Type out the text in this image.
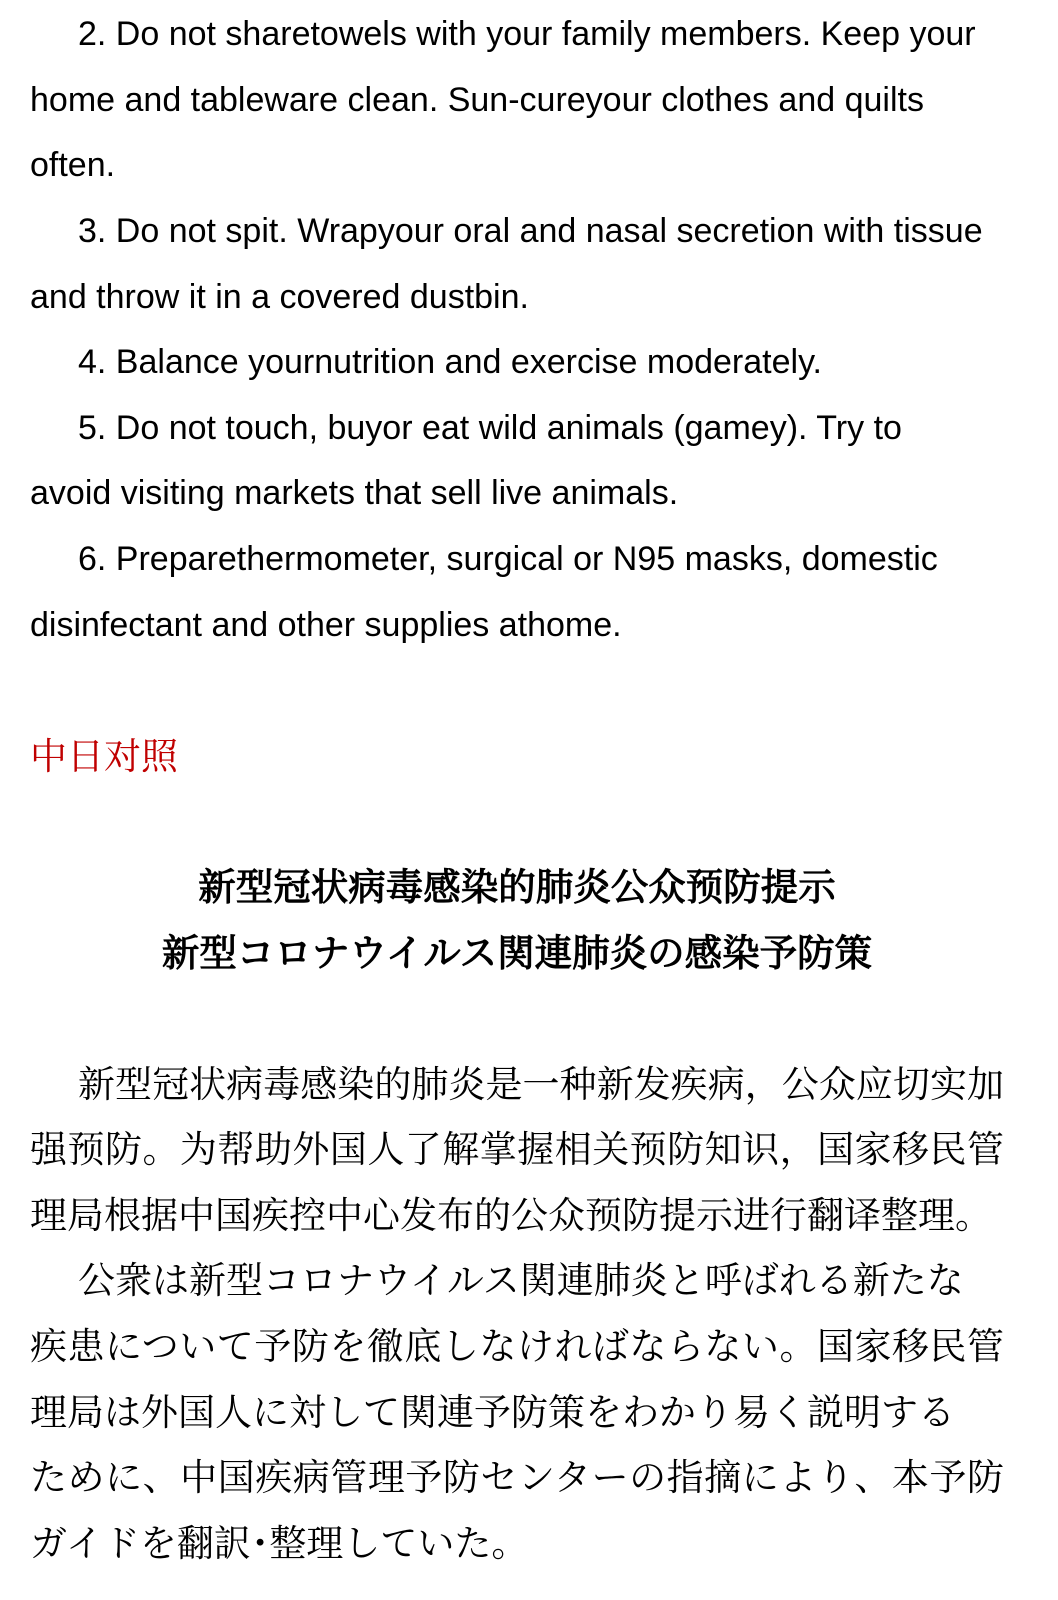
2. Do not sharetowels with your family members. Keep your
home and tableware clean. Sun-cureyour clothes and quilts
often.

3. Do not spit. Wrapyour oral and nasal secretion with tissue
and throw it in a covered dustbin.

4. Balance yournutrition and exercise moderately.

5. Do not touch, buyor eat wild animals (gamey). Try to
avoid visiting markets that sell live animals.

6. Preparethermometer, surgical or N95 masks, domestic
disinfectant and other supplies athome.

中日对照
新型冠状病毒感染的肺炎公众预防提示
新型コロナウイルス関連肺炎の感染予防策

新型冠状病毒感染的肺炎是一种新发疾病，公众应切实加
强预防。为帮助外国人了解掌握相关预防知识，国家移民管
理局根据中国疾控中心发布的公众预防提示进行翻译整理。

公衆は新型コロナウイルス関連肺炎と呼ばれる新たな
疾患について予防を徹底しなければならない。国家移民管
理局は外国人に対して関連予防策をわかり易く説明する
ために、中国疾病管理予防センターの指摘により、本予防
ガイドを翻訳･整理していた。
